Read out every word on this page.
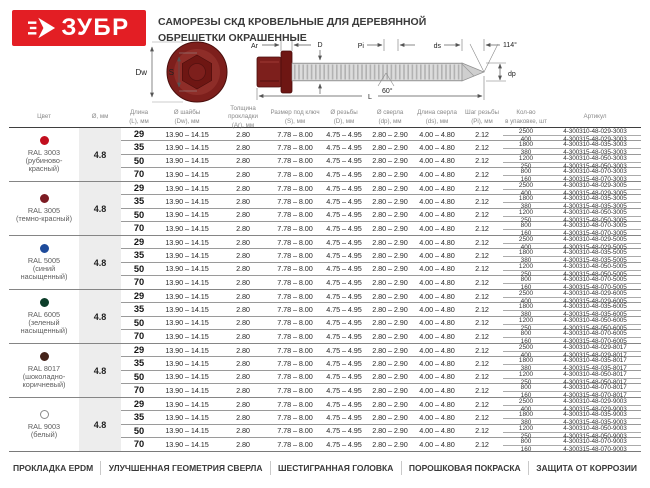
Dw	S
Ar	D	Pi	ds	114°
dp
L
60°
ЗУБР	САМОРЕЗЫ СКД КРОВЕЛЬНЫЕ ДЛЯ ДЕРЕВЯННОЙ ОБРЕШЕТКИ ОКРАШЕННЫЕ
Цвет	Ø, мм
Длина
(L), мм
Ø шайбы
(Dw), мм
Толщина прокладки
(Ar), мм
Размер под ключ
(S), мм
Ø резьбы
(D), мм
Ø сверла
(dp), мм
Длина сверла
(ds), мм
Шаг резьбы
(Pi), мм
Кол-во
в упаковке, шт
Артикул
RAL 3003
(рубиново-красный)
4.8
29	13.90 – 14.15	2.80	7.78 – 8.00	4.75 – 4.95	2.80 – 2.90	4.00 – 4.80	2.12	2500	4-300310-48-029-3003
400	4-300315-48-029-3003
35	13.90 – 14.15	2.80	7.78 – 8.00	4.75 – 4.95	2.80 – 2.90	4.00 – 4.80	2.12	1800	4-300310-48-035-3003
380	4-300315-48-035-3003
50	13.90 – 14.15	2.80	7.78 – 8.00	4.75 – 4.95	2.80 – 2.90	4.00 – 4.80	2.12	1200	4-300310-48-050-3003
250	4-300315-48-050-3003
70	13.90 – 14.15	2.80	7.78 – 8.00	4.75 – 4.95	2.80 – 2.90	4.00 – 4.80	2.12	800	4-300310-48-070-3003
160	4-300315-48-070-3003
RAL 3005
(темно-красный)
4.8
29	13.90 – 14.15	2.80	7.78 – 8.00	4.75 – 4.95	2.80 – 2.90	4.00 – 4.80	2.12	2500	4-300310-48-029-3005
400	4-300315-48-029-3005
35	13.90 – 14.15	2.80	7.78 – 8.00	4.75 – 4.95	2.80 – 2.90	4.00 – 4.80	2.12	1800	4-300310-48-035-3005
380	4-300315-48-035-3005
50	13.90 – 14.15	2.80	7.78 – 8.00	4.75 – 4.95	2.80 – 2.90	4.00 – 4.80	2.12	1200	4-300310-48-050-3005
250	4-300315-48-050-3005
70	13.90 – 14.15	2.80	7.78 – 8.00	4.75 – 4.95	2.80 – 2.90	4.00 – 4.80	2.12	800	4-300310-48-070-3005
160	4-300315-48-070-3005
RAL 5005
(синий насыщенный)
4.8
29	13.90 – 14.15	2.80	7.78 – 8.00	4.75 – 4.95	2.80 – 2.90	4.00 – 4.80	2.12	2500	4-300310-48-029-5005
400	4-300315-48-029-5005
35	13.90 – 14.15	2.80	7.78 – 8.00	4.75 – 4.95	2.80 – 2.90	4.00 – 4.80	2.12	1800	4-300310-48-035-5005
380	4-300315-48-035-5005
50	13.90 – 14.15	2.80	7.78 – 8.00	4.75 – 4.95	2.80 – 2.90	4.00 – 4.80	2.12	1200	4-300310-48-050-5005
250	4-300315-48-050-5005
70	13.90 – 14.15	2.80	7.78 – 8.00	4.75 – 4.95	2.80 – 2.90	4.00 – 4.80	2.12	800	4-300310-48-070-5005
160	4-300315-48-070-5005
RAL 6005
(зеленый насыщенный)
4.8
29	13.90 – 14.15	2.80	7.78 – 8.00	4.75 – 4.95	2.80 – 2.90	4.00 – 4.80	2.12	2500	4-300310-48-029-6005
400	4-300315-48-029-6005
35	13.90 – 14.15	2.80	7.78 – 8.00	4.75 – 4.95	2.80 – 2.90	4.00 – 4.80	2.12	1800	4-300310-48-035-6005
380	4-300315-48-035-6005
50	13.90 – 14.15	2.80	7.78 – 8.00	4.75 – 4.95	2.80 – 2.90	4.00 – 4.80	2.12	1200	4-300310-48-050-6005
250	4-300315-48-050-6005
70	13.90 – 14.15	2.80	7.78 – 8.00	4.75 – 4.95	2.80 – 2.90	4.00 – 4.80	2.12	800	4-300310-48-070-6005
160	4-300315-48-070-6005
RAL 8017
(шоколадно-коричневый)
4.8
29	13.90 – 14.15	2.80	7.78 – 8.00	4.75 – 4.95	2.80 – 2.90	4.00 – 4.80	2.12	2500	4-300310-48-029-8017
400	4-300315-48-029-8017
35	13.90 – 14.15	2.80	7.78 – 8.00	4.75 – 4.95	2.80 – 2.90	4.00 – 4.80	2.12	1800	4-300310-48-035-8017
380	4-300315-48-035-8017
50	13.90 – 14.15	2.80	7.78 – 8.00	4.75 – 4.95	2.80 – 2.90	4.00 – 4.80	2.12	1200	4-300310-48-050-8017
250	4-300315-48-050-8017
70	13.90 – 14.15	2.80	7.78 – 8.00	4.75 – 4.95	2.80 – 2.90	4.00 – 4.80	2.12	800	4-300310-48-070-8017
160	4-300315-48-070-8017
RAL 9003
(белый)
4.8
29	13.90 – 14.15	2.80	7.78 – 8.00	4.75 – 4.95	2.80 – 2.90	4.00 – 4.80	2.12	2500	4-300310-48-029-9003
400	4-300315-48-029-9003
35	13.90 – 14.15	2.80	7.78 – 8.00	4.75 – 4.95	2.80 – 2.90	4.00 – 4.80	2.12	1800	4-300310-48-035-9003
380	4-300315-48-035-9003
50	13.90 – 14.15	2.80	7.78 – 8.00	4.75 – 4.95	2.80 – 2.90	4.00 – 4.80	2.12	1200	4-300310-48-050-9003
250	4-300315-48-050-9003
70	13.90 – 14.15	2.80	7.78 – 8.00	4.75 – 4.95	2.80 – 2.90	4.00 – 4.80	2.12	800	4-300310-48-070-9003
160	4-300315-48-070-9003
ПРОКЛАДКА EPDM УЛУЧШЕННАЯ ГЕОМЕТРИЯ СВЕРЛА ШЕСТИГРАННАЯ ГОЛОВКА ПОРОШКОВАЯ ПОКРАСКА ЗАЩИТА ОТ КОРРОЗИИ
